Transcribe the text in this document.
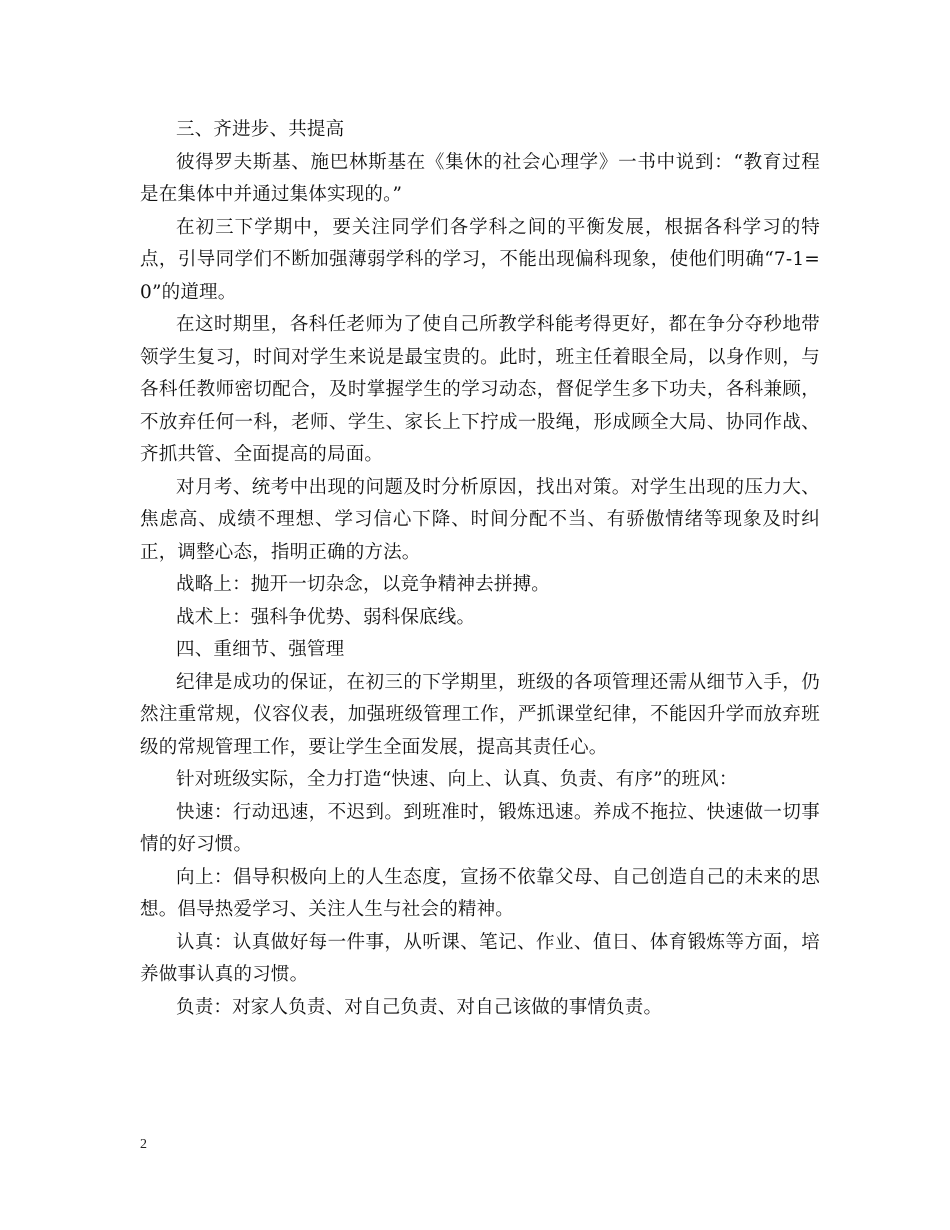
三、齐进步、共提高

彼得罗夫斯基、施巴林斯基在《集休的社会心理学》一书中说到：“教育过程是在集体中并通过集体实现的。”

在初三下学期中，要关注同学们各学科之间的平衡发展，根据各科学习的特点，引导同学们不断加强薄弱学科的学习，不能出现偏科现象，使他们明确“7-1=0”的道理。

在这时期里，各科任老师为了使自己所教学科能考得更好，都在争分夺秒地带领学生复习，时间对学生来说是最宝贵的。此时，班主任着眼全局，以身作则，与各科任教师密切配合，及时掌握学生的学习动态，督促学生多下功夫，各科兼顾，不放弃任何一科，老师、学生、家长上下拧成一股绳，形成顾全大局、协同作战、齐抓共管、全面提高的局面。

对月考、统考中出现的问题及时分析原因，找出对策。对学生出现的压力大、焦虑高、成绩不理想、学习信心下降、时间分配不当、有骄傲情绪等现象及时纠正，调整心态，指明正确的方法。

战略上：抛开一切杂念，以竞争精神去拼搏。

战术上：强科争优势、弱科保底线。

四、重细节、强管理

纪律是成功的保证，在初三的下学期里，班级的各项管理还需从细节入手，仍然注重常规，仪容仪表，加强班级管理工作，严抓课堂纪律，不能因升学而放弃班级的常规管理工作，要让学生全面发展，提高其责任心。

针对班级实际，全力打造“快速、向上、认真、负责、有序”的班风：

快速：行动迅速，不迟到。到班准时，锻炼迅速。养成不拖拉、快速做一切事情的好习惯。

向上：倡导积极向上的人生态度，宣扬不依靠父母、自己创造自己的未来的思想。倡导热爱学习、关注人生与社会的精神。

认真：认真做好每一件事，从听课、笔记、作业、值日、体育锻炼等方面，培养做事认真的习惯。

负责：对家人负责、对自己负责、对自己该做的事情负责。

2
